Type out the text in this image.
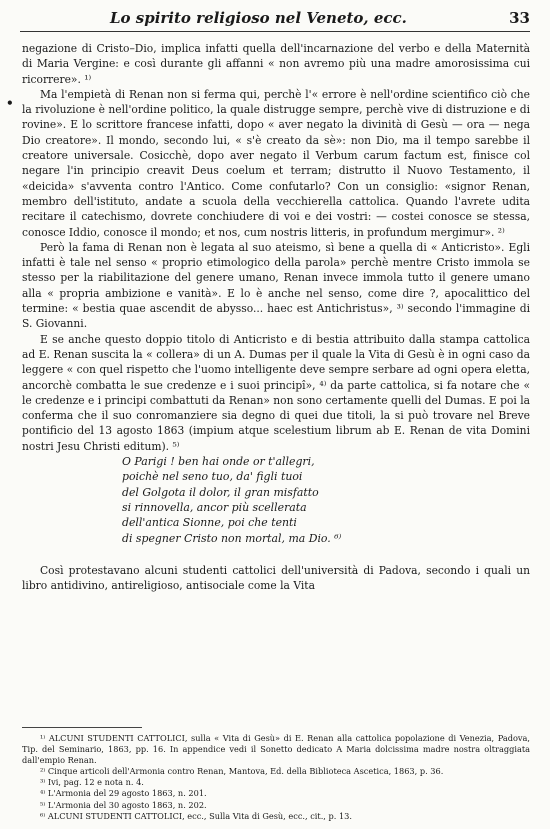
Lo spirito religioso nel Veneto, ecc.	33
•

negazione di Cristo–Dio, implica infatti quella dell'incarnazione del verbo e della Maternità di Maria Vergine: e così durante gli affanni « non avremo più una madre amorosissima cui ricorrere». ¹⁾

Ma l'empietà di Renan non si ferma qui, perchè l'« errore è nell'ordine scientifico ciò che la rivoluzione è nell'ordine politico, la quale distrugge sempre, perchè vive di distruzione e di rovine». E lo scrittore francese infatti, dopo « aver negato la divinità di Gesù — ora — nega Dio creatore». Il mondo, secondo lui, « s'è creato da sè»: non Dio, ma il tempo sarebbe il creatore universale. Cosicchè, dopo aver negato il Verbum carum factum est, finisce col negare l'in principio creavit Deus coelum et terram; distrutto il Nuovo Testamento, il «deicida» s'avventa contro l'Antico. Come confutarlo? Con un consiglio: «signor Renan, membro dell'istituto, andate a scuola della vecchierella cattolica. Quando l'avrete udita recitare il catechismo, dovrete conchiudere di voi e dei vostri: — costei conosce se stessa, conosce Iddio, conosce il mondo; et nos, cum nostris litteris, in profundum mergimur». ²⁾

Però la fama di Renan non è legata al suo ateismo, sì bene a quella di « Anticristo». Egli infatti è tale nel senso « proprio etimologico della parola» perchè mentre Cristo immola se stesso per la riabilitazione del genere umano, Renan invece immola tutto il genere umano alla « propria ambizione e vanità». E lo è anche nel senso, come dire ?, apocalittico del termine: « bestia quae ascendit de abysso... haec est Antichristus», ³⁾ secondo l'immagine di S. Giovanni.

E se anche questo doppio titolo di Anticristo e di bestia attribuito dalla stampa cattolica ad E. Renan suscita la « collera» di un A. Dumas per il quale la Vita di Gesù è in ogni caso da leggere « con quel rispetto che l'uomo intelligente deve sempre serbare ad ogni opera eletta, ancorchè combatta le sue credenze e i suoi principî», ⁴⁾ da parte cattolica, si fa notare che « le credenze e i principi combattuti da Renan» non sono certamente quelli del Dumas. E poi la conferma che il suo conromanziere sia degno di quei due titoli, la si può trovare nel Breve pontificio del 13 agosto 1863 (impium atque scelestium librum ab E. Renan de vita Domini nostri Jesu Christi editum). ⁵⁾

O Parigi ! ben hai onde or t'allegri,
poichè nel seno tuo, da' figli tuoi
del Golgota il dolor, il gran misfatto
si rinnovella, ancor più scellerata
dell'antica Sionne, poi che tenti
di spegner Cristo non mortal, ma Dio. ⁶⁾

Così protestavano alcuni studenti cattolici dell'università di Padova, secondo i quali un libro antidivino, antireligioso, antisociale come la Vita

¹⁾ ALCUNI STUDENTI CATTOLICI, sulla « Vita di Gesù» di E. Renan alla cattolica popolazione di Venezia, Padova, Tip. del Seminario, 1863, pp. 16. In appendice vedi il Sonetto dedicato A Maria dolcissima madre nostra oltraggiata dall'empio Renan.

²⁾ Cinque articoli dell'Armonia contro Renan, Mantova, Ed. della Biblioteca Ascetica, 1863, p. 36.

³⁾ Ivi, pag. 12 e nota n. 4.

⁴⁾ L'Armonia del 29 agosto 1863, n. 201.

⁵⁾ L'Armonia del 30 agosto 1863, n. 202.

⁶⁾ ALCUNI STUDENTI CATTOLICI, ecc., Sulla Vita di Gesù, ecc., cit., p. 13.
